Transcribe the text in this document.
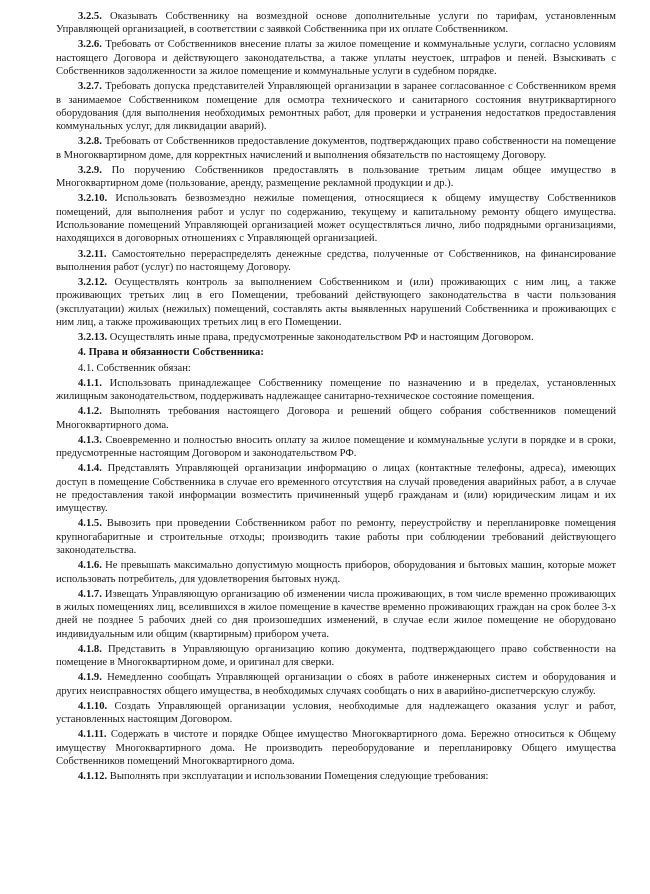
3.2.5. Оказывать Собственнику на возмездной основе дополнительные услуги по тарифам, установленным Управляющей организацией, в соответствии с заявкой Собственника при их оплате Собственником.

3.2.6. Требовать от Собственников внесение платы за жилое помещение и коммунальные услуги, согласно условиям настоящего Договора и действующего законодательства, а также уплаты неустоек, штрафов и пеней. Взыскивать с Собственников задолженности за жилое помещение и коммунальные услуги в судебном порядке.

3.2.7. Требовать допуска представителей Управляющей организации в заранее согласованное с Собственником время в занимаемое Собственником помещение для осмотра технического и санитарного состояния внутриквартирного оборудования (для выполнения необходимых ремонтных работ, для проверки и устранения недостатков предоставления коммунальных услуг, для ликвидации аварий).

3.2.8. Требовать от Собственников предоставление документов, подтверждающих право собственности на помещение в Многоквартирном доме, для корректных начислений и выполнения обязательств по настоящему Договору.

3.2.9. По поручению Собственников предоставлять в пользование третьим лицам общее имущество в Многоквартирном доме (пользование, аренду, размещение рекламной продукции и др.).

3.2.10. Использовать безвозмездно нежилые помещения, относящиеся к общему имуществу Собственников помещений, для выполнения работ и услуг по содержанию, текущему и капитальному ремонту общего имущества. Использование помещений Управляющей организацией может осуществляться лично, либо подрядными организациями, находящихся в договорных отношениях с Управляющей организацией.

3.2.11. Самостоятельно перераспределять денежные средства, полученные от Собственников, на финансирование выполнения работ (услуг) по настоящему Договору.

3.2.12. Осуществлять контроль за выполнением Собственником и (или) проживающих с ним лиц, а также проживающих третьих лиц в его Помещении, требований действующего законодательства в части пользования (эксплуатации) жилых (нежилых) помещений, составлять акты выявленных нарушений Собственника и проживающих с ним лиц, а также проживающих третьих лиц в его Помещении.

3.2.13. Осуществлять иные права, предусмотренные законодательством РФ и настоящим Договором.

4. Права и обязанности Собственника:

4.1. Собственник обязан:

4.1.1. Использовать принадлежащее Собственнику помещение по назначению и в пределах, установленных жилищным законодательством, поддерживать надлежащее санитарно-техническое состояние помещения.

4.1.2. Выполнять требования настоящего Договора и решений общего собрания собственников помещений Многоквартирного дома.

4.1.3. Своевременно и полностью вносить оплату за жилое помещение и коммунальные услуги в порядке и в сроки, предусмотренные настоящим Договором и законодательством РФ.

4.1.4. Представлять Управляющей организации информацию о лицах (контактные телефоны, адреса), имеющих доступ в помещение Собственника в случае его временного отсутствия на случай проведения аварийных работ, а в случае не предоставления такой информации возместить причиненный ущерб гражданам и (или) юридическим лицам и их имуществу.

4.1.5. Вывозить при проведении Собственником работ по ремонту, переустройству и перепланировке помещения крупногабаритные и строительные отходы; производить такие работы при соблюдении требований действующего законодательства.

4.1.6. Не превышать максимально допустимую мощность приборов, оборудования и бытовых машин, которые может использовать потребитель, для удовлетворения бытовых нужд.

4.1.7. Извещать Управляющую организацию об изменении числа проживающих, в том числе временно проживающих в жилых помещениях лиц, вселившихся в жилое помещение в качестве временно проживающих граждан на срок более 3-х дней не позднее 5 рабочих дней со дня произошедших изменений, в случае если жилое помещение не оборудовано индивидуальным или общим (квартирным) прибором учета.

4.1.8. Представить в Управляющую организацию копию документа, подтверждающего право собственности на помещение в Многоквартирном доме, и оригинал для сверки.

4.1.9. Немедленно сообщать Управляющей организации о сбоях в работе инженерных систем и оборудования и других неисправностях общего имущества, в необходимых случаях сообщать о них в аварийно-диспетчерскую службу.

4.1.10. Создать Управляющей организации условия, необходимые для надлежащего оказания услуг и работ, установленных настоящим Договором.

4.1.11. Содержать в чистоте и порядке Общее имущество Многоквартирного дома. Бережно относиться к Общему имуществу Многоквартирного дома. Не производить переоборудование и перепланировку Общего имущества Собственников помещений Многоквартирного дома.

4.1.12. Выполнять при эксплуатации и использовании Помещения следующие требования:
